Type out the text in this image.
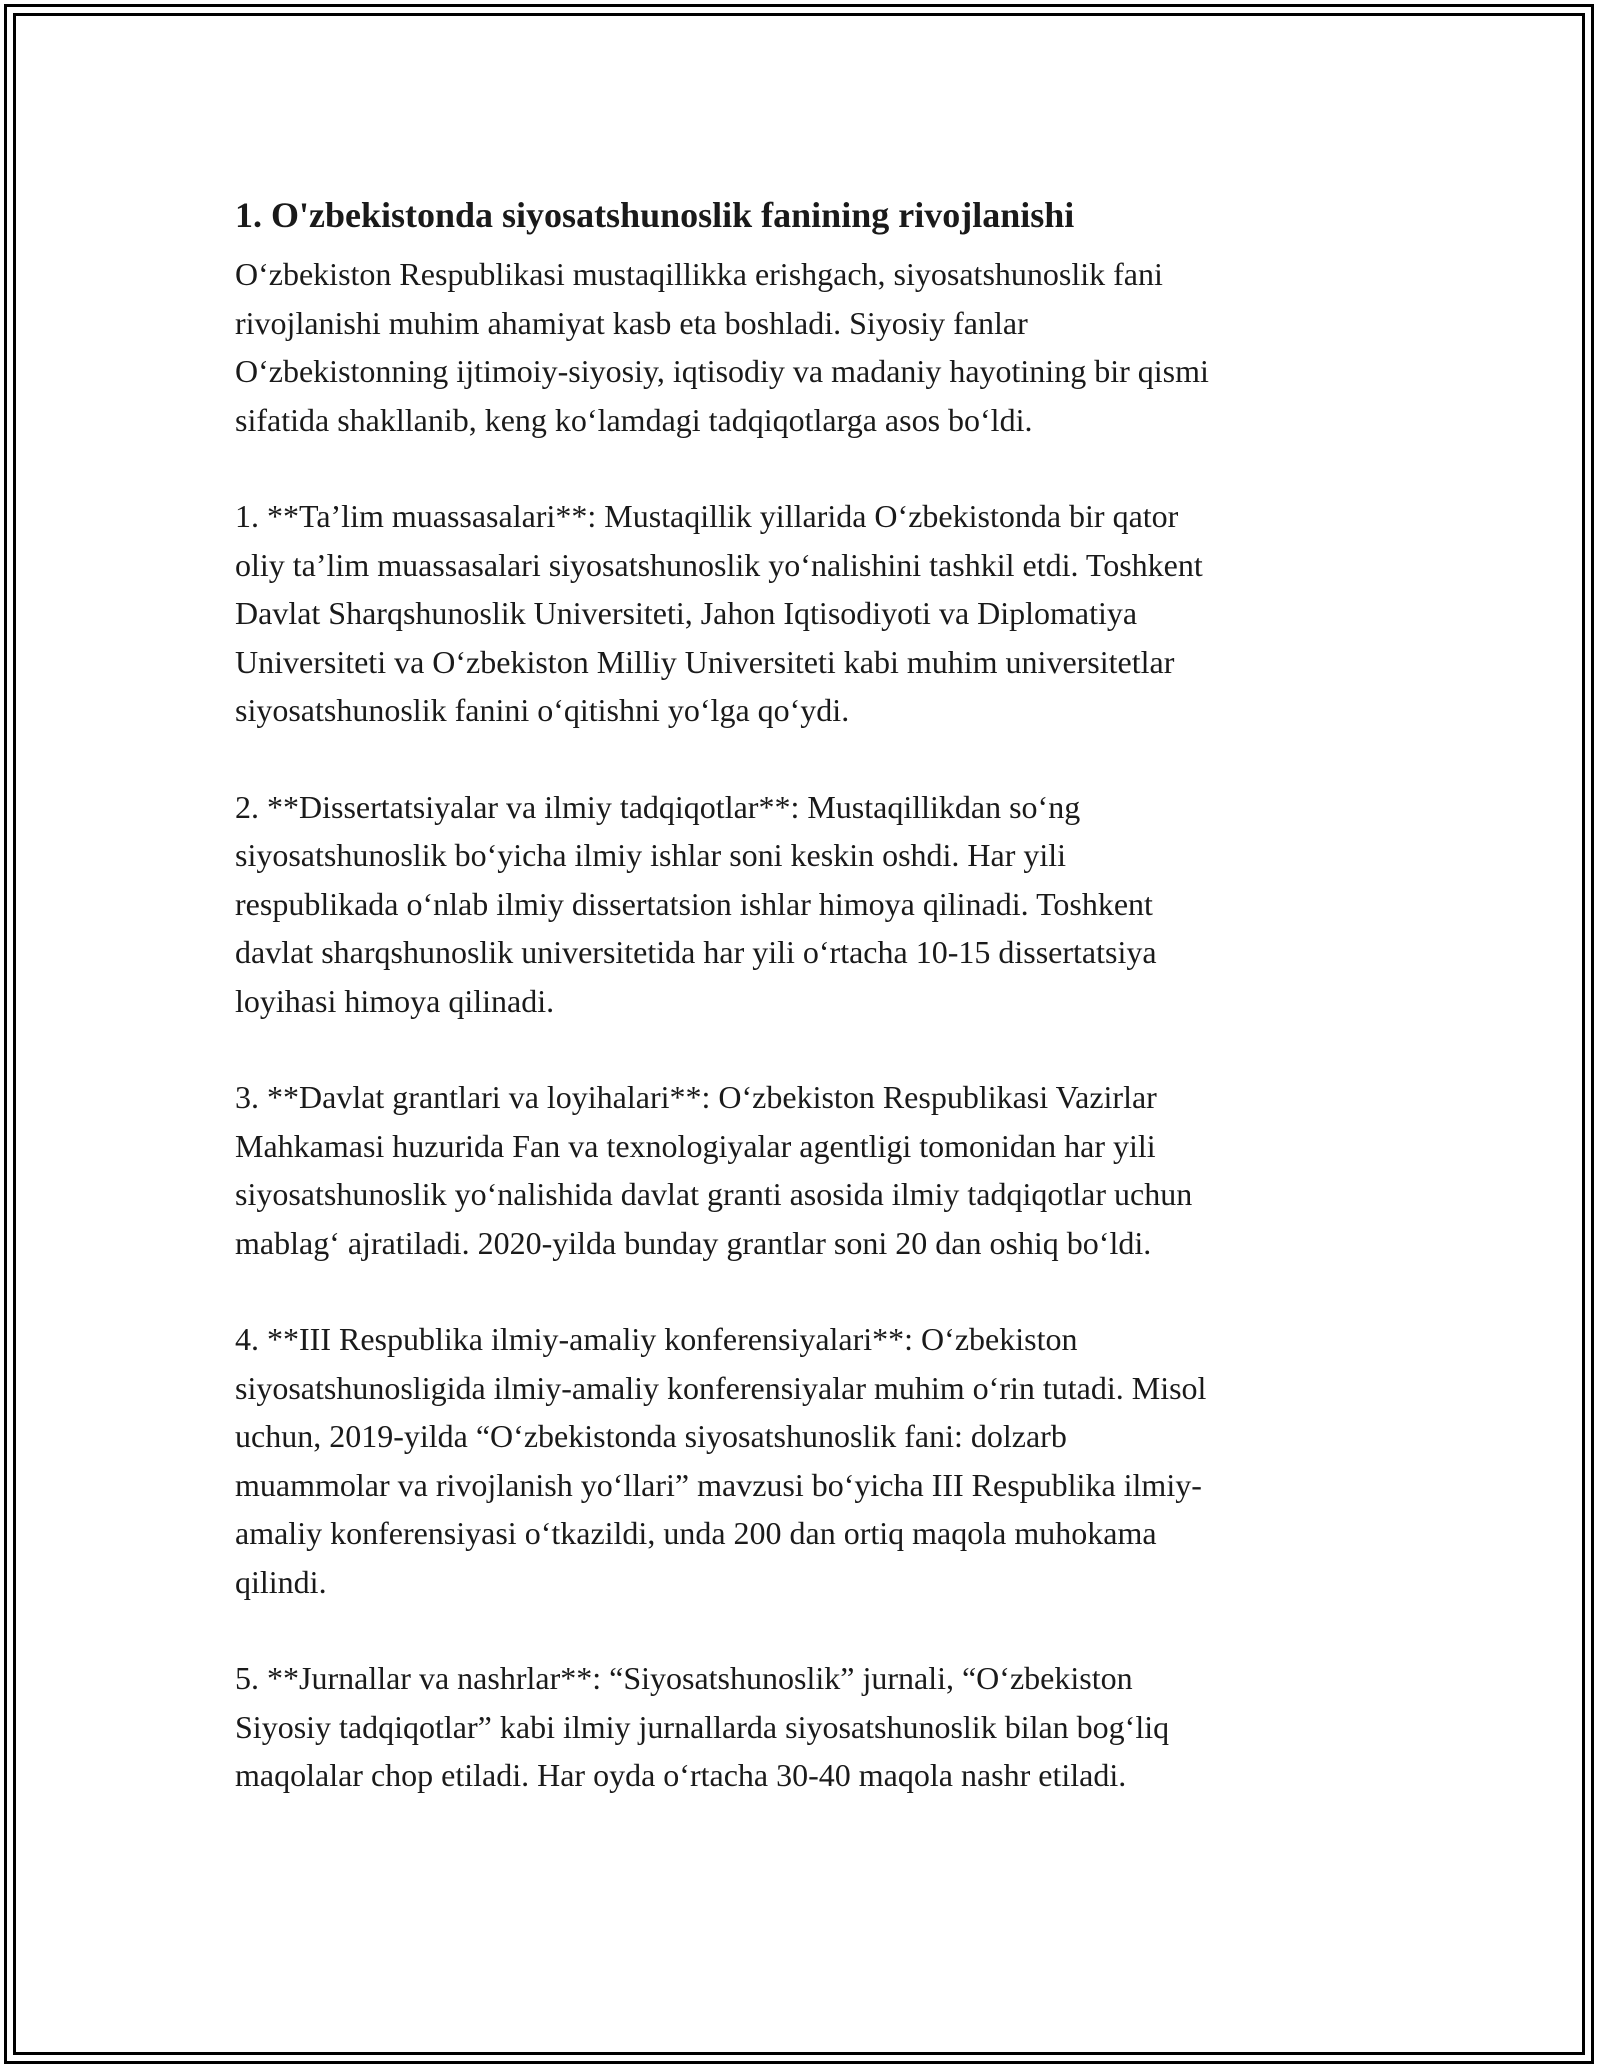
1. O'zbekistonda siyosatshunoslik fanining rivojlanishi
O‘zbekiston Respublikasi mustaqillikka erishgach, siyosatshunoslik fani
rivojlanishi muhim ahamiyat kasb eta boshladi. Siyosiy fanlar
O‘zbekistonning ijtimoiy-siyosiy, iqtisodiy va madaniy hayotining bir qismi
sifatida shakllanib, keng ko‘lamdagi tadqiqotlarga asos bo‘ldi.
1. **Ta’lim muassasalari**: Mustaqillik yillarida O‘zbekistonda bir qator
oliy ta’lim muassasalari siyosatshunoslik yo‘nalishini tashkil etdi. Toshkent
Davlat Sharqshunoslik Universiteti, Jahon Iqtisodiyoti va Diplomatiya
Universiteti va O‘zbekiston Milliy Universiteti kabi muhim universitetlar
siyosatshunoslik fanini o‘qitishni yo‘lga qo‘ydi.
2. **Dissertatsiyalar va ilmiy tadqiqotlar**: Mustaqillikdan so‘ng
siyosatshunoslik bo‘yicha ilmiy ishlar soni keskin oshdi. Har yili
respublikada o‘nlab ilmiy dissertatsion ishlar himoya qilinadi. Toshkent
davlat sharqshunoslik universitetida har yili o‘rtacha 10-15 dissertatsiya
loyihasi himoya qilinadi.
3. **Davlat grantlari va loyihalari**: O‘zbekiston Respublikasi Vazirlar
Mahkamasi huzurida Fan va texnologiyalar agentligi tomonidan har yili
siyosatshunoslik yo‘nalishida davlat granti asosida ilmiy tadqiqotlar uchun
mablag‘ ajratiladi. 2020-yilda bunday grantlar soni 20 dan oshiq bo‘ldi.
4. **III Respublika ilmiy-amaliy konferensiyalari**: O‘zbekiston
siyosatshunosligida ilmiy-amaliy konferensiyalar muhim o‘rin tutadi. Misol
uchun, 2019-yilda “O‘zbekistonda siyosatshunoslik fani: dolzarb
muammolar va rivojlanish yo‘llari” mavzusi bo‘yicha III Respublika ilmiy-
amaliy konferensiyasi o‘tkazildi, unda 200 dan ortiq maqola muhokama
qilindi.
5. **Jurnallar va nashrlar**: “Siyosatshunoslik” jurnali, “O‘zbekiston
Siyosiy tadqiqotlar” kabi ilmiy jurnallarda siyosatshunoslik bilan bog‘liq
maqolalar chop etiladi. Har oyda o‘rtacha 30-40 maqola nashr etiladi.
